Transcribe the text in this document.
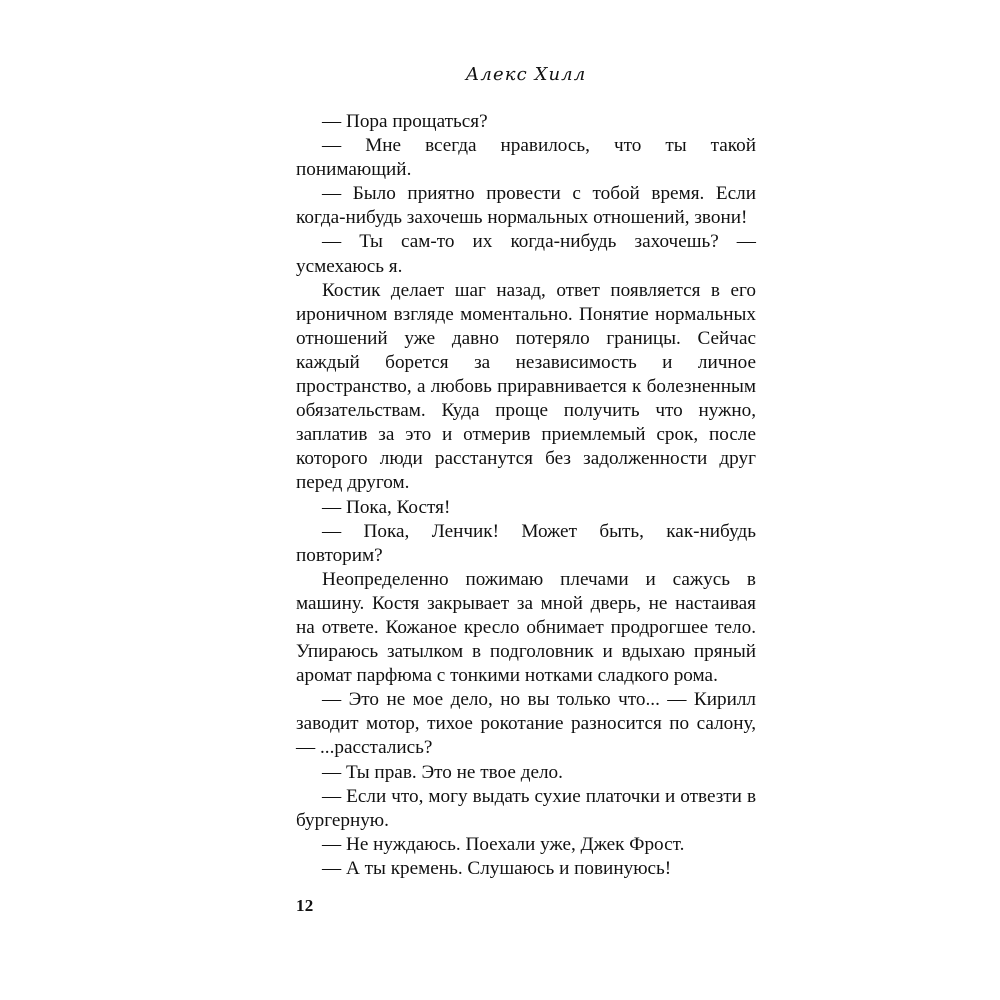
Алекс Хилл

— Пора прощаться?

— Мне всегда нравилось, что ты такой понимающий.

— Было приятно провести с тобой время. Если когда-нибудь захочешь нормальных отношений, звони!

— Ты сам-то их когда-нибудь захочешь? — усмехаюсь я.

Костик делает шаг назад, ответ появляется в его ироничном взгляде моментально. Понятие нормальных отношений уже давно потеряло границы. Сейчас каждый борется за независимость и личное пространство, а любовь приравнивается к болезненным обязательствам. Куда проще получить что нужно, заплатив за это и отмерив приемлемый срок, после которого люди расстанутся без задолженности друг перед другом.

— Пока, Костя!

— Пока, Ленчик! Может быть, как-нибудь повторим?

Неопределенно пожимаю плечами и сажусь в машину. Костя закрывает за мной дверь, не настаивая на ответе. Кожаное кресло обнимает продрогшее тело. Упираюсь затылком в подголовник и вдыхаю пряный аромат парфюма с тонкими нотками сладкого рома.

— Это не мое дело, но вы только что... — Кирилл заводит мотор, тихое рокотание разносится по салону, — ...расстались?

— Ты прав. Это не твое дело.

— Если что, могу выдать сухие платочки и отвезти в бургерную.

— Не нуждаюсь. Поехали уже, Джек Фрост.

— А ты кремень. Слушаюсь и повинуюсь!

12
